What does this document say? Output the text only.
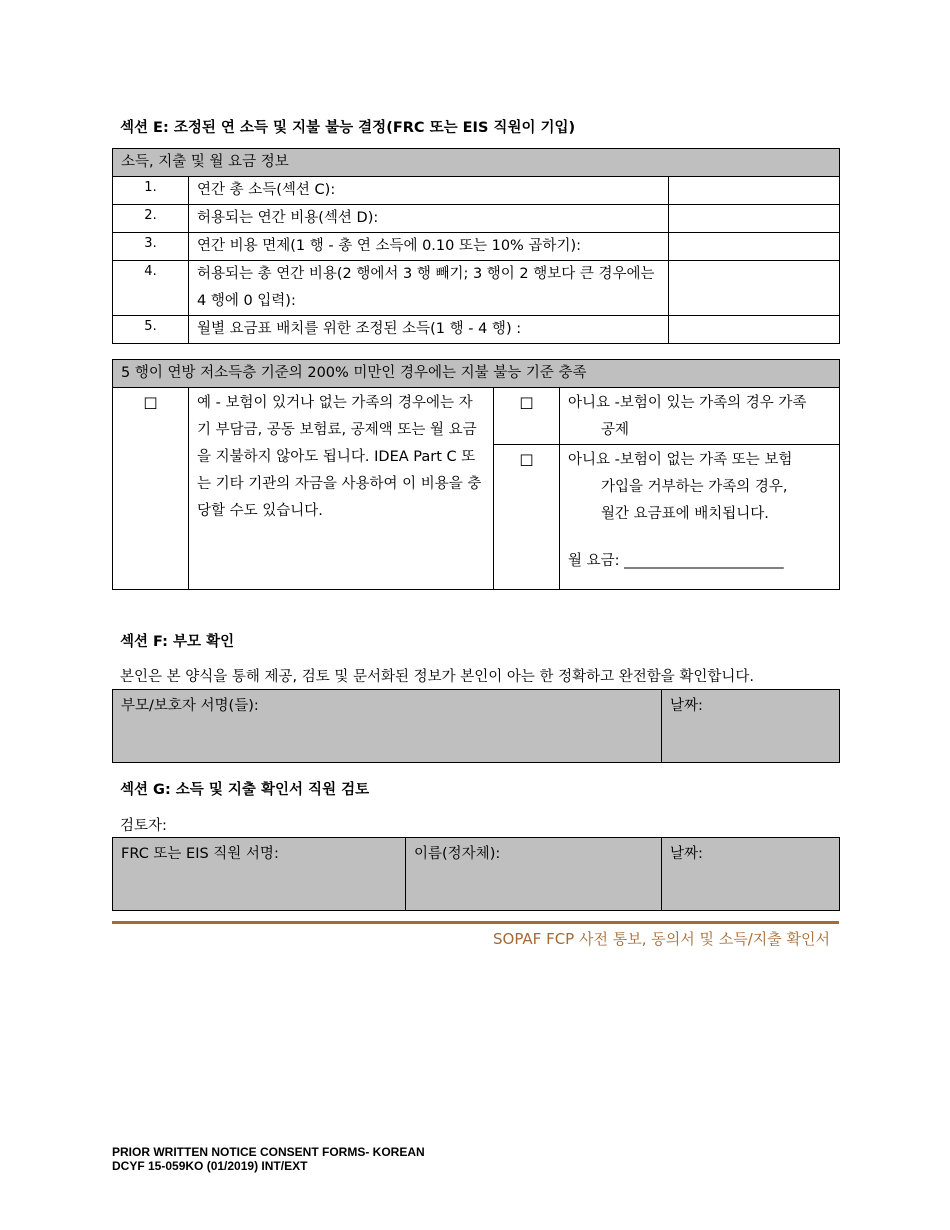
섹션 E: 조정된 연 소득 및 지불 불능 결정(FRC 또는 EIS 직원이 기입)
소득, 지출 및 월 요금 정보		
1.	연간 총 소득(섹션 C):	
2.	허용되는 연간 비용(섹션 D):	
3.	연간 비용 면제(1 행 - 총 연 소득에 0.10 또는 10% 곱하기):	
4.	허용되는 총 연간 비용(2 행에서 3 행 빼기; 3 행이 2 행보다 큰 경우에는 4 행에 0 입력):	
5.	월별 요금표 배치를 위한 조정된 소득(1 행 - 4 행) :	
5 행이 연방 저소득층 기준의 200% 미만인 경우에는 지불 불능 기준 충족			
☐	예 - 보험이 있거나 없는 가족의 경우에는 자기 부담금, 공동 보험료, 공제액 또는 월 요금을 지불하지 않아도 됩니다. IDEA Part C 또는 기타 기관의 자금을 사용하여 이 비용을 충당할 수도 있습니다.	☐	아니요 -보험이 있는 가족의 경우 가족
공제

		☐	아니요 -보험이 없는 가족 또는 보험
가입을 거부하는 가족의 경우,
월간 요금표에 배치됩니다.
월 요금: ______________________
섹션 F: 부모 확인
본인은 본 양식을 통해 제공, 검토 및 문서화된 정보가 본인이 아는 한 정확하고 완전함을 확인합니다.
부모/보호자 서명(들):	날짜:
섹션 G: 소득 및 지출 확인서 직원 검토
검토자:
FRC 또는 EIS 직원 서명:	이름(정자체):	날짜:
SOPAF FCP 사전 통보, 동의서 및 소득/지출 확인서
PRIOR WRITTEN NOTICE CONSENT FORMS- KOREAN
DCYF 15-059KO (01/2019) INT/EXT
